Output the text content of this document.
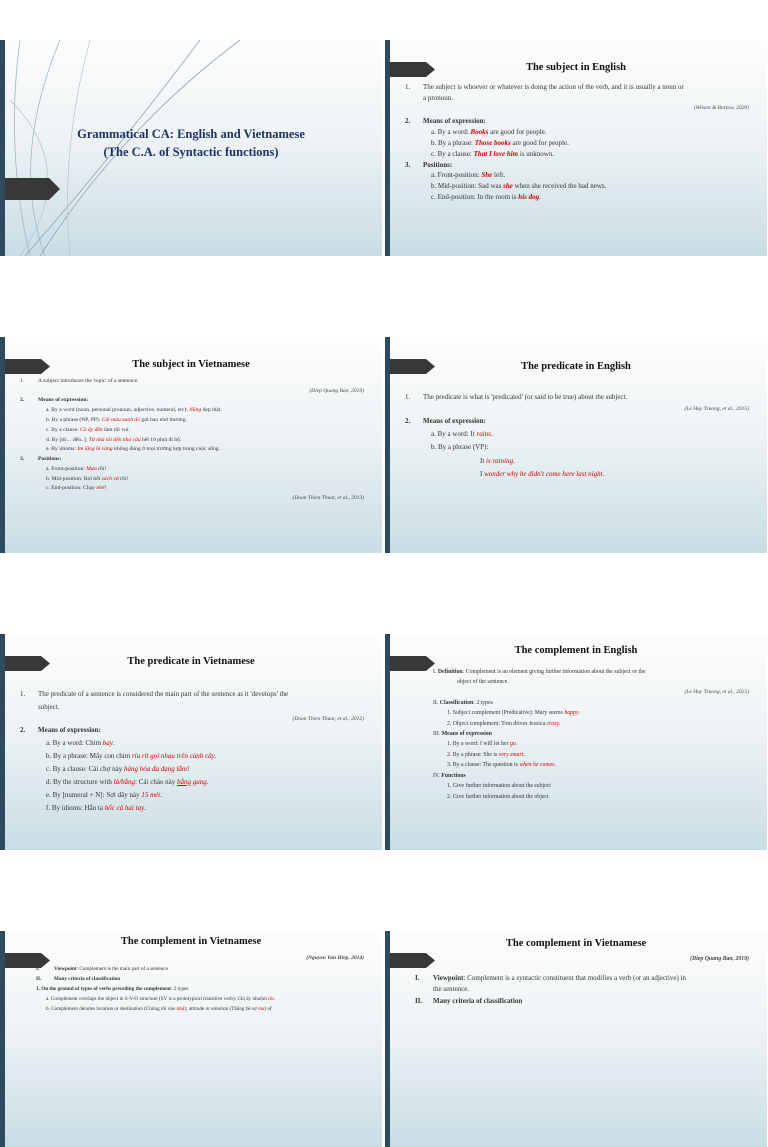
Grammatical CA: English and Vietnamese
(The C.A. of Syntactic functions)
The subject in English
1. The subject is whoever or whatever is doing the action of the verb, and it is usually a noun or
a pronoun.
(Wilson & Barlow, 2020)
2. Means of expression:
a. By a word: Books are good for people.
b. By a phrase: Those books are good for people.
c. By a clause: That I love him is unknown.
3. Positions:
a. Front-position: She left.
b. Mid-position: Sad was she when she received the bad news.
c. End-position: In the room is his dog.
The subject in Vietnamese
1. A subject introduces the 'topic' of a sentence.
(Diep Quang Ban, 2019)
2. Means of expression:
a. By a word (noun, personal pronoun, adjective, numeral, etc): Nắng đẹp thật.
b. By a phrase (NP, PP): Cái màu xanh đó gợi bao nhớ thương.
c. By a clause: Cô ấy đến làm tôi vui.
d. By [từ… đến..]: Từ nhà tôi đến nhà cậu hết 10 phút đi bộ.
e. By idioms: Im lặng là vàng không đúng ở mọi trường hợp trong cuộc sống.
3. Positions:
a. Front-position: Mưa rồi!
b. Mid-position: Rơi hết sách vở rồi!
c. End-position: Chạy nhé!
(Doan Thien Thuat, et al., 2013)
The predicate in English
1. The predicate is what is 'predicated' (or said to be true) about the subject.
(Le Huy Truong, et al., 2015)
2. Means of expression:
a. By a word: It rains.
b. By a phrase (VP):
It is raining.
I wonder why he didn't come here last night.
The predicate in Vietnamese
1. The predicate of a sentence is considered the main part of the sentence as it 'develops' the
subject.
(Doan Thien Thuat, et al., 2012)
2. Means of expression:
a. By a word: Chim bay.
b. By a phrase: Mấy con chim ríu rít gọi nhau trên cành cây.
c. By a clause: Cái chợ này hàng hóa đa dạng lắm!
d. By the structure with là/bằng: Cái chảo này bằng gang.
e. By [numeral + N]: Sợi dây này 15 mét.
f. By idioms: Hắn ta bốc cả hai tay.
The complement in English
I. Definition: Complement is an element giving further information about the subject or the
object of the sentence.
(Le Huy Truong, et al., 2015)
II. Classification: 2 types
1. Subject complement (Predicative): Mary seems happy.
2. Object complement: Tom drives Jessica crazy.
III. Means of expression
1. By a word: I will let her go.
2. By a phrase: She is very smart.
3. By a clause: The question is when he comes.
IV. Functions
1. Give further information about the subject
2. Give further information about the object
The complement in Vietnamese
(Nguyen Van Hiep, 2014)
I.	Viewpoint: Complement is the main part of a sentence
II. Many criteria of classification
1. On the ground of types of verbs preceding the complement: 2 types
a. Complement overlaps the object in S-V-O structure (SV is a prototypical transitive verb): Chị ấy nhuộm tóc.
b. Complement denotes location or destination (Chúng tôi vào nhà); attitude or emotion (Thằng bé sợ ma) of
The complement in Vietnamese
(Diep Quang Ban, 2019)
I. Viewpoint: Complement is a syntactic constituent that modifies a verb (or an adjective) in
the sentence.
II. Many criteria of classification
